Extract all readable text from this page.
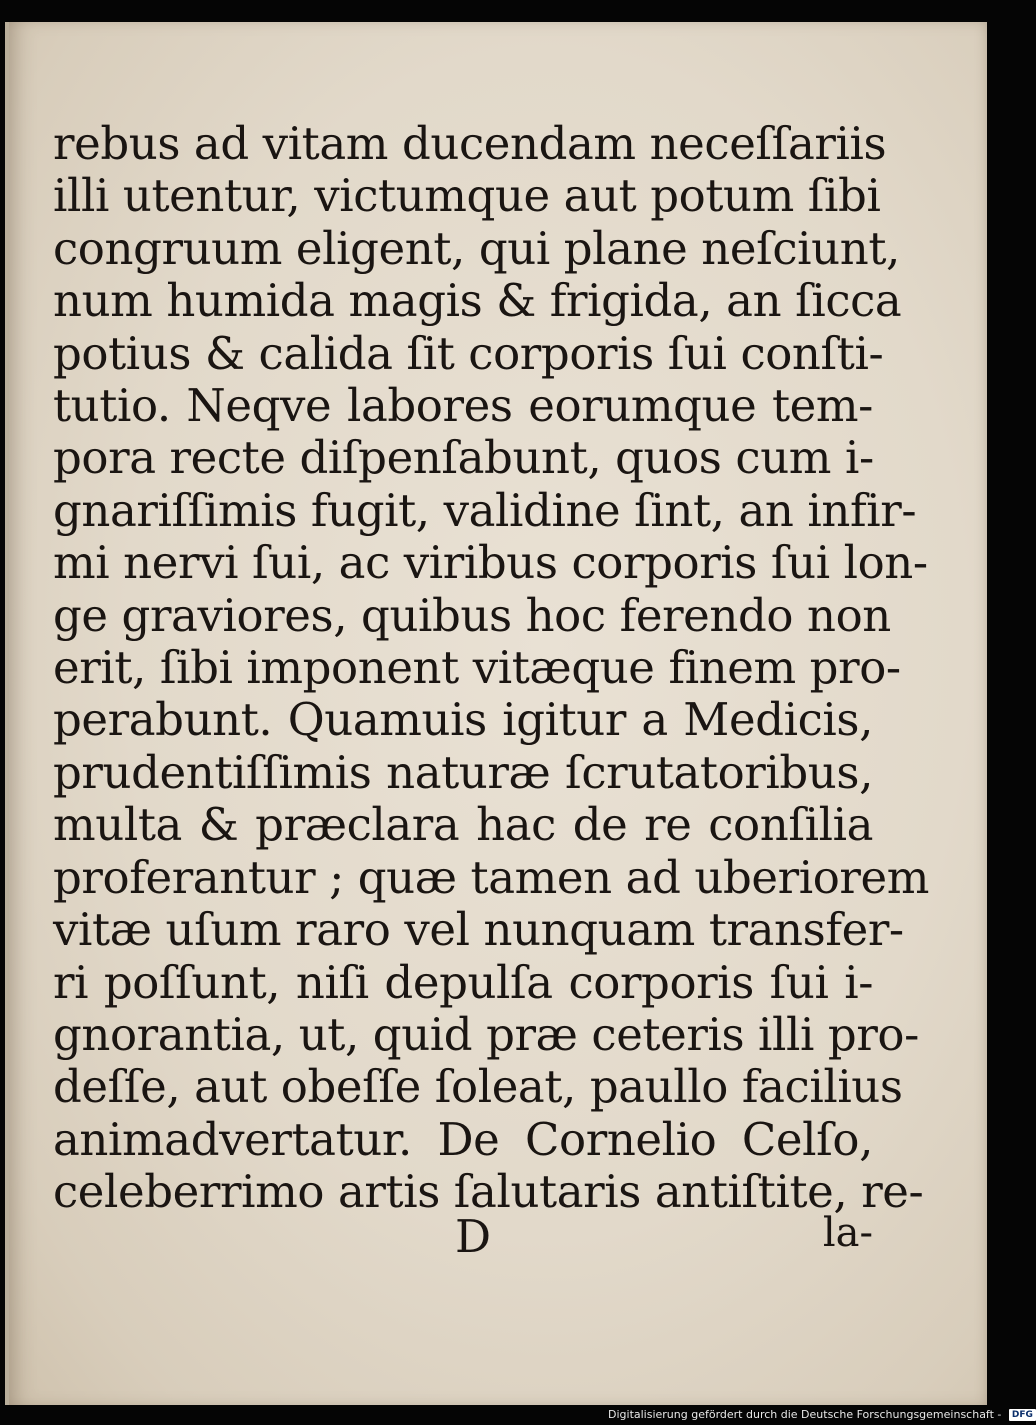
rebus ad vitam ducendam neceſſariis
illi utentur, victumque aut potum ſibi
congruum eligent, qui plane neſciunt,
num humida magis & frigida, an ſicca
potius & calida ſit corporis ſui conſti-
tutio. Neqve labores eorumque tem-
pora recte diſpenſabunt, quos cum i-
gnariſſimis fugit, validine ſint, an infir-
mi nervi ſui, ac viribus corporis ſui lon-
ge graviores, quibus hoc ferendo non
erit, ſibi imponent vitæque finem pro-
perabunt. Quamuis igitur a Medicis,
prudentiſſimis naturæ ſcrutatoribus,
multa & præclara hac de re conſilia
proferantur ; quæ tamen ad uberiorem
vitæ uſum raro vel nunquam transfer-
ri poſſunt, niſi depulſa corporis ſui i-
gnorantia, ut, quid præ ceteris illi pro-
deſſe, aut obeſſe ſoleat, paullo facilius
animadvertatur. De Cornelio Celſo,
celeberrimo artis ſalutaris antiſtite, re-
D	la-
Digitalisierung gefördert durch die Deutsche Forschungsgemeinschaft - DFG
